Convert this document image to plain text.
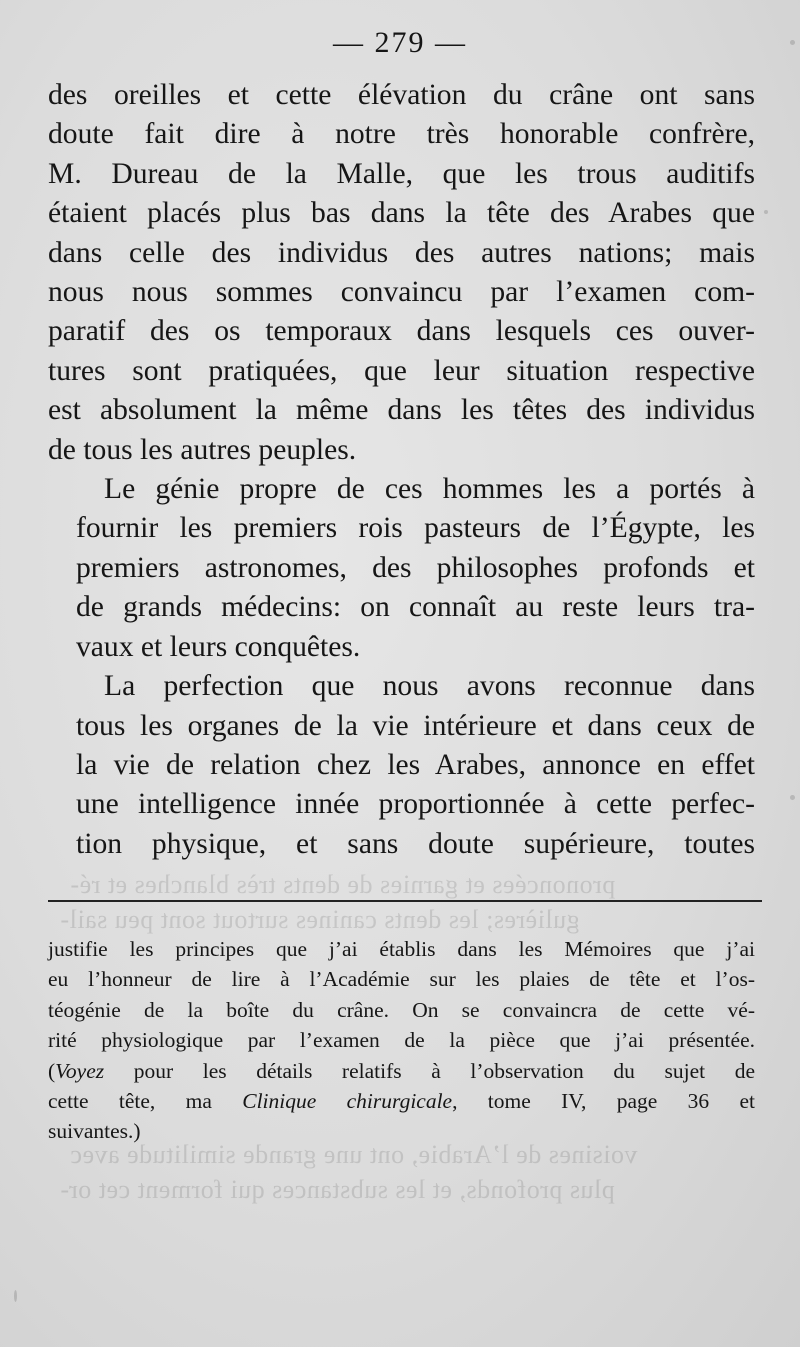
prononcées et garnies de dents très blanches et ré-
gulières; les dents canines surtout sont peu sail-
voisines de l’Arabie, ont une grande similitude avec
plus profonds, et les substances qui forment cet or-
— 279 —

des oreilles et cette élévation du crâne ont sans
doute fait dire à notre très honorable confrère,
M. Dureau de la Malle, que les trous auditifs
étaient placés plus bas dans la tête des Arabes que
dans celle des individus des autres nations; mais
nous nous sommes convaincu par l’examen com-
paratif des os temporaux dans lesquels ces ouver-
tures sont pratiquées, que leur situation respective
est absolument la même dans les têtes des individus
de tous les autres peuples.

Le génie propre de ces hommes les a portés à
fournir les premiers rois pasteurs de l’Égypte, les
premiers astronomes, des philosophes profonds et
de grands médecins: on connaît au reste leurs tra-
vaux et leurs conquêtes.

La perfection que nous avons reconnue dans
tous les organes de la vie intérieure et dans ceux de
la vie de relation chez les Arabes, annonce en effet
une intelligence innée proportionnée à cette perfec-
tion physique, et sans doute supérieure, toutes

justifie les principes que j’ai établis dans les Mémoires que j’ai
eu l’honneur de lire à l’Académie sur les plaies de tête et l’os-
téogénie de la boîte du crâne. On se convaincra de cette vé-
rité physiologique par l’examen de la pièce que j’ai présentée.
(Voyez pour les détails relatifs à l’observation du sujet de
cette tête, ma Clinique chirurgicale, tome IV, page 36 et
suivantes.)
